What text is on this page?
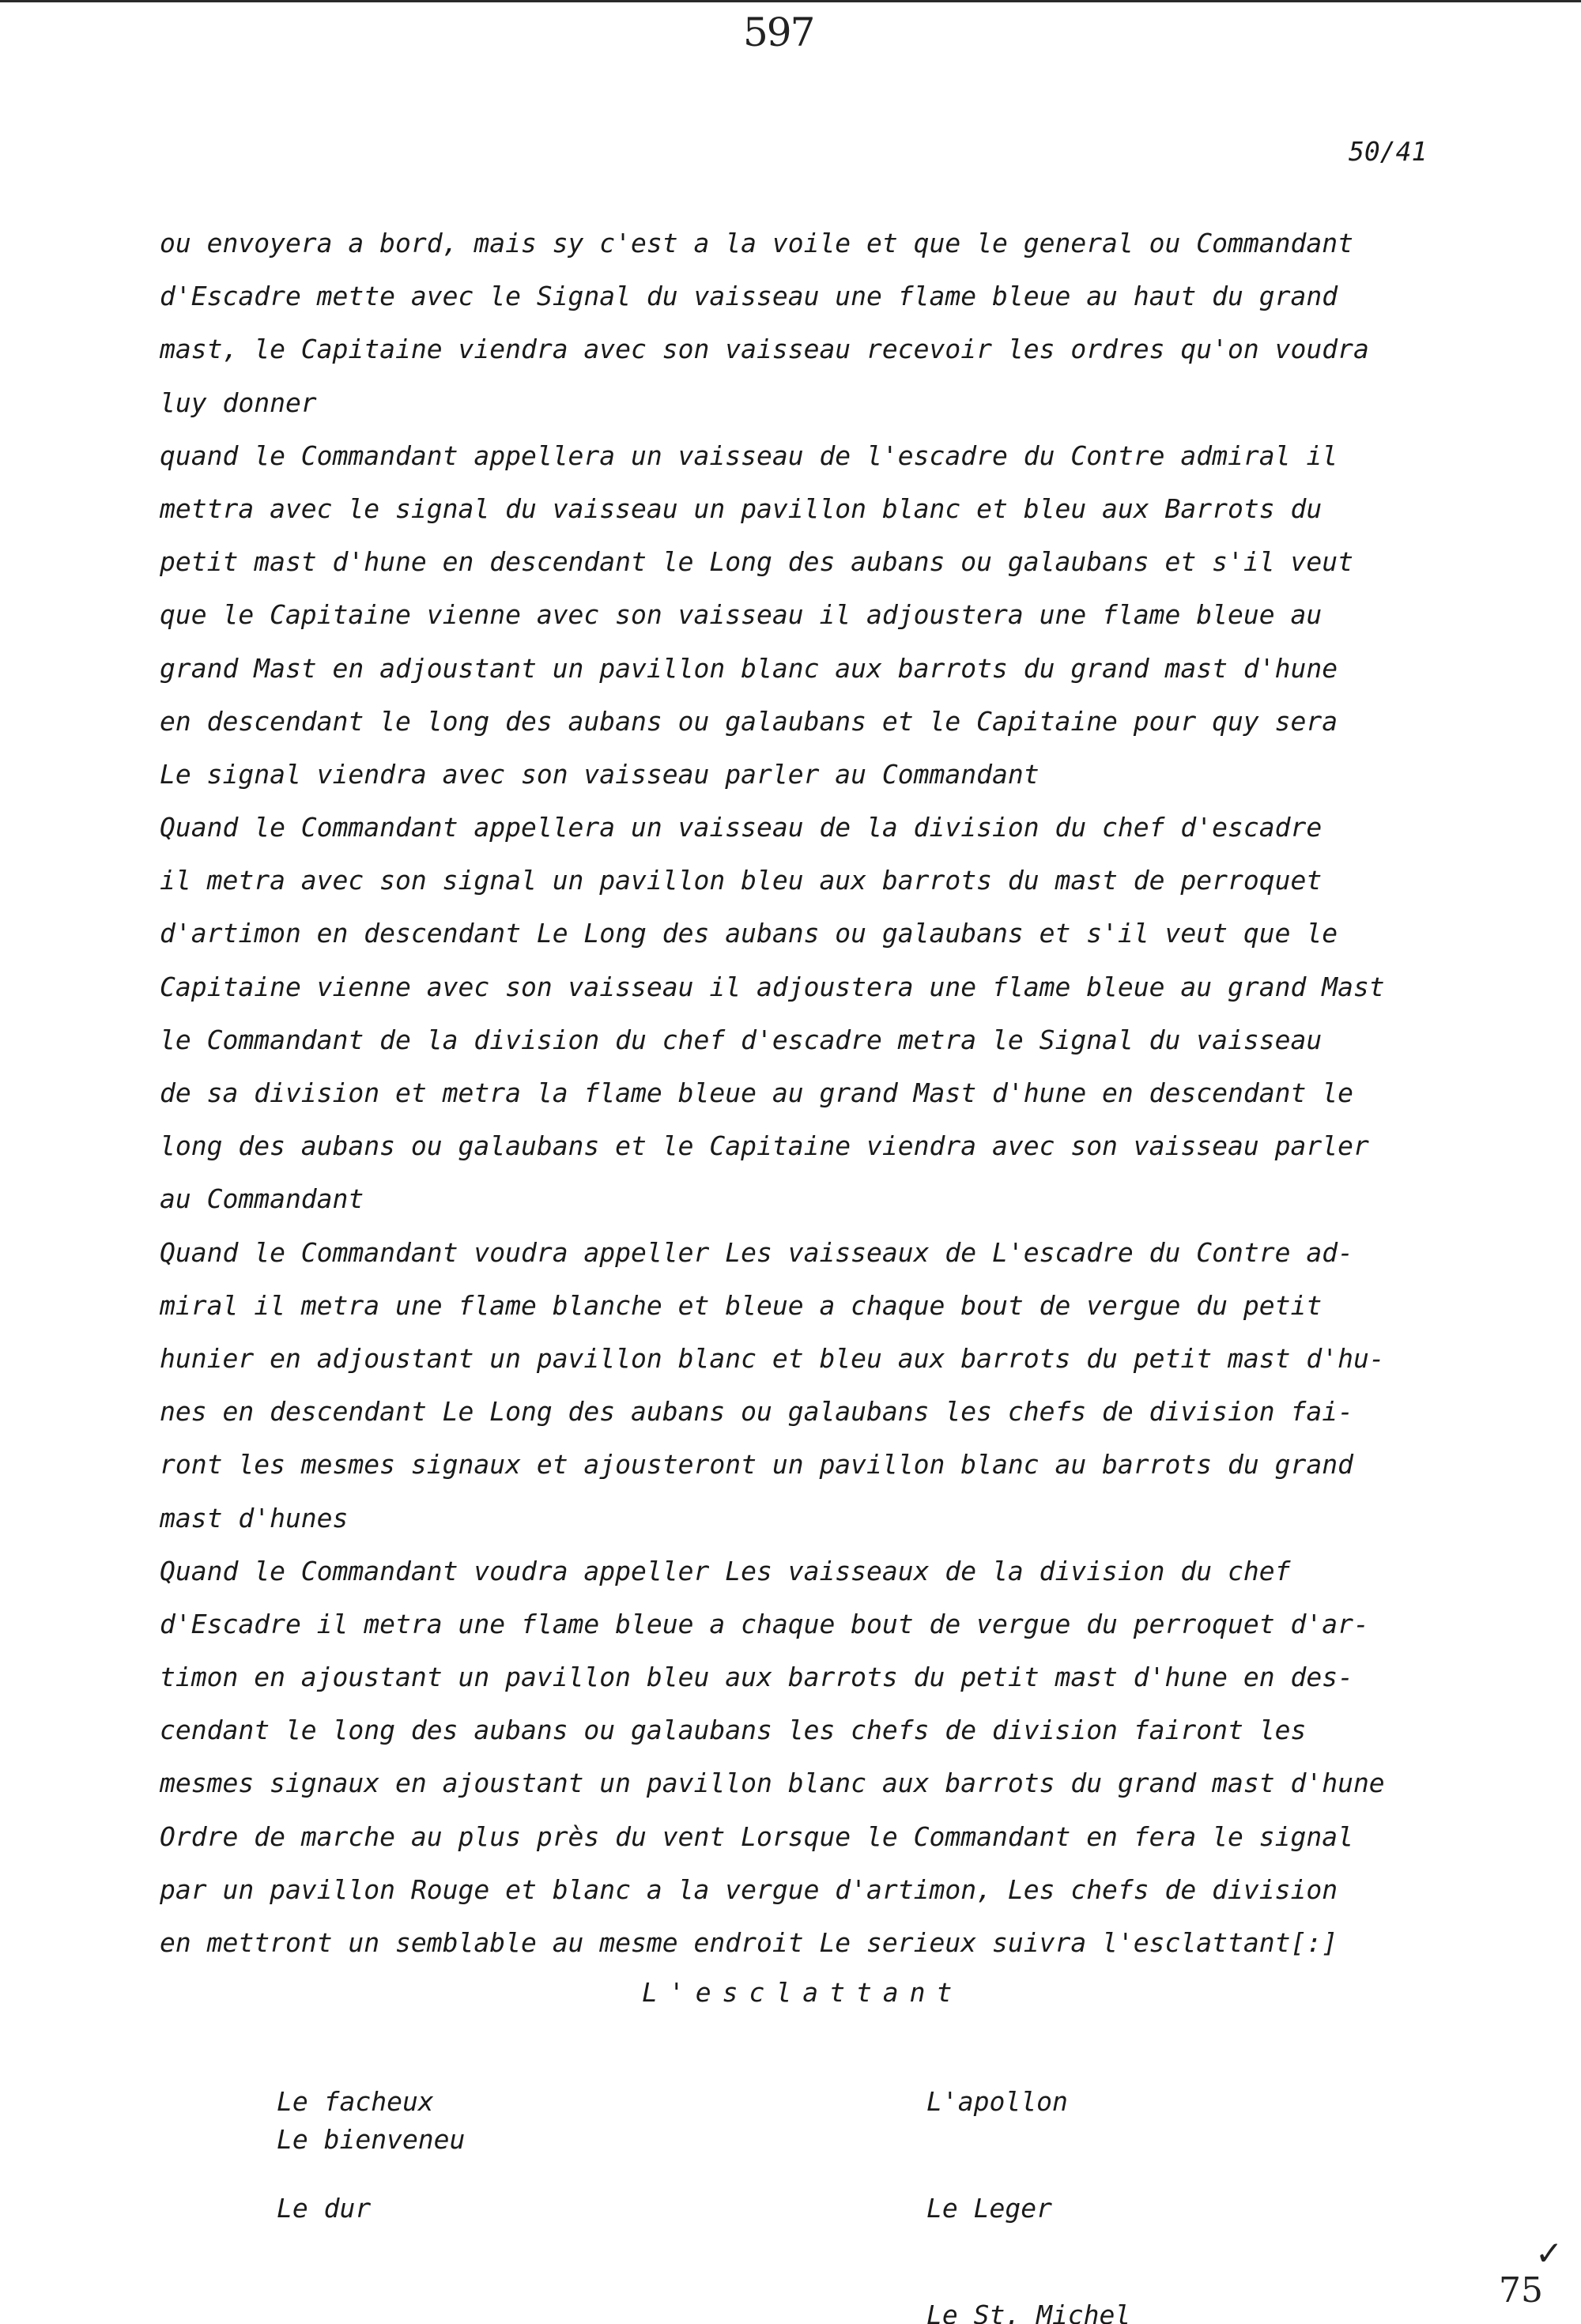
597
50/41
ou envoyera a bord, mais sy c'est a la voile et que le general ou Commandant
d'Escadre mette avec le Signal du vaisseau une flame bleue au haut du grand
mast, le Capitaine viendra avec son vaisseau recevoir les ordres qu'on voudra
luy donner
quand le Commandant appellera un vaisseau de l'escadre du Contre admiral il
mettra avec le signal du vaisseau un pavillon blanc et bleu aux Barrots du
petit mast d'hune en descendant le Long des aubans ou galaubans et s'il veut
que le Capitaine vienne avec son vaisseau il adjoustera une flame bleue au
grand Mast en adjoustant un pavillon blanc aux barrots du grand mast d'hune
en descendant le long des aubans ou galaubans et le Capitaine pour quy sera
Le signal viendra avec son vaisseau parler au Commandant
Quand le Commandant appellera un vaisseau de la division du chef d'escadre
il metra avec son signal un pavillon bleu aux barrots du mast de perroquet
d'artimon en descendant Le Long des aubans ou galaubans et s'il veut que le
Capitaine vienne avec son vaisseau il adjoustera une flame bleue au grand Mast
le Commandant de la division du chef d'escadre metra le Signal du vaisseau
de sa division et metra la flame bleue au grand Mast d'hune en descendant le
long des aubans ou galaubans et le Capitaine viendra avec son vaisseau parler
au Commandant
Quand le Commandant voudra appeller Les vaisseaux de L'escadre du Contre ad-
miral il metra une flame blanche et bleue a chaque bout de vergue du petit
hunier en adjoustant un pavillon blanc et bleu aux barrots du petit mast d'hu-
nes en descendant Le Long des aubans ou galaubans les chefs de division fai-
ront les mesmes signaux et ajousteront un pavillon blanc au barrots du grand
mast d'hunes
Quand le Commandant voudra appeller Les vaisseaux de la division du chef
d'Escadre il metra une flame bleue a chaque bout de vergue du perroquet d'ar-
timon en ajoustant un pavillon bleu aux barrots du petit mast d'hune en des-
cendant le long des aubans ou galaubans les chefs de division fairont les
mesmes signaux en ajoustant un pavillon blanc aux barrots du grand mast d'hune
Ordre de marche au plus près du vent Lorsque le Commandant en fera le signal
par un pavillon Rouge et blanc a la vergue d'artimon, Les chefs de division
en mettront un semblable au mesme endroit Le serieux suivra l'esclattant[:]
L'esclattant

Le facheux

Le dur

L'apollon

Le Leger

Le St. Michel

Le bienveneu
✓
75
